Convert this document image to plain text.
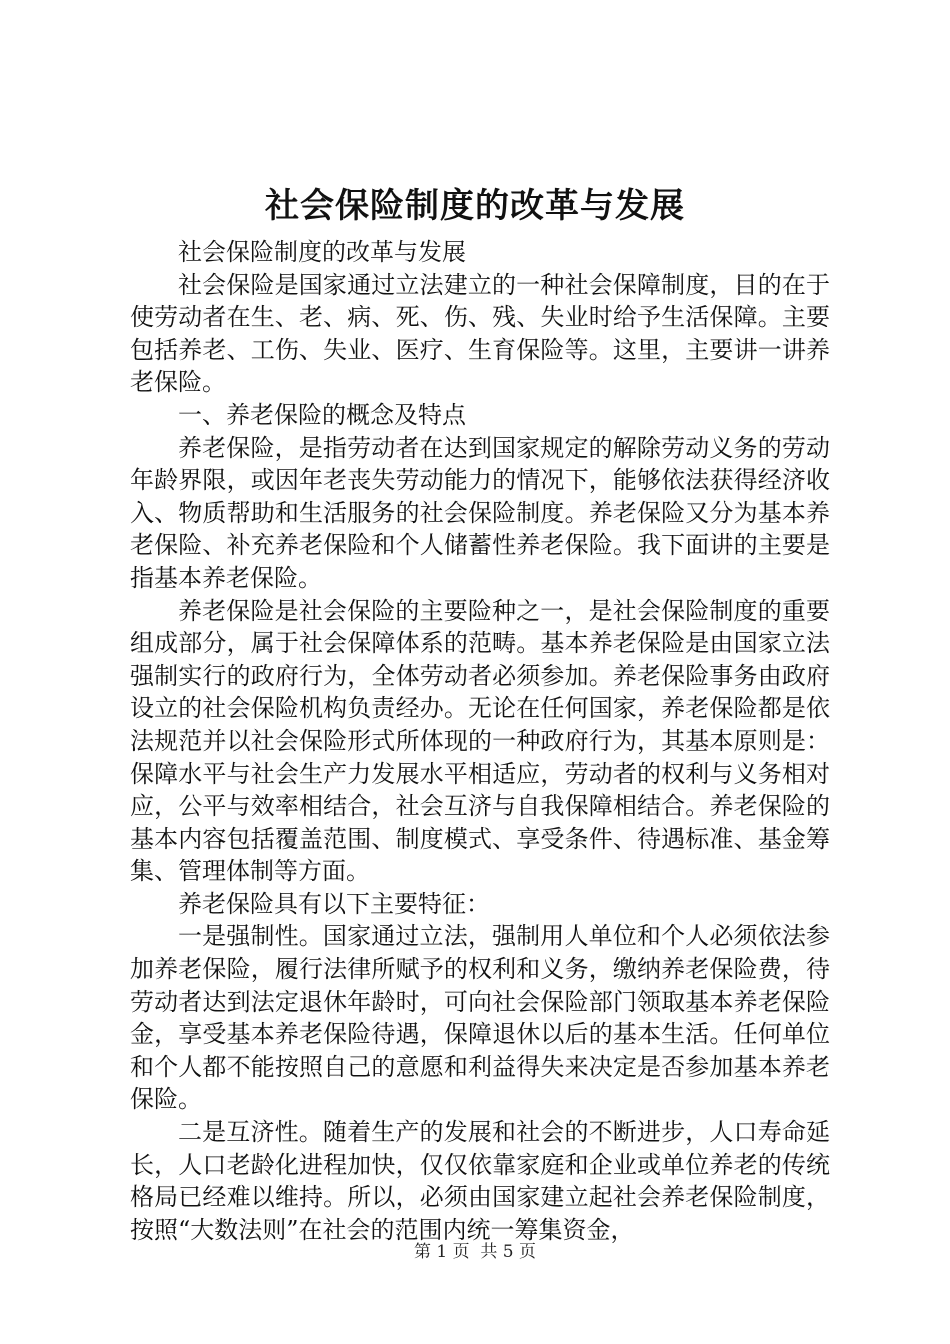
社会保险制度的改革与发展

社会保险制度的改革与发展

社会保险是国家通过立法建立的一种社会保障制度，目的在于使劳动者在生、老、病、死、伤、残、失业时给予生活保障。主要包括养老、工伤、失业、医疗、生育保险等。这里，主要讲一讲养老保险。

一、养老保险的概念及特点

养老保险，是指劳动者在达到国家规定的解除劳动义务的劳动年龄界限，或因年老丧失劳动能力的情况下，能够依法获得经济收入、物质帮助和生活服务的社会保险制度。养老保险又分为基本养老保险、补充养老保险和个人储蓄性养老保险。我下面讲的主要是指基本养老保险。

养老保险是社会保险的主要险种之一，是社会保险制度的重要组成部分，属于社会保障体系的范畴。基本养老保险是由国家立法强制实行的政府行为，全体劳动者必须参加。养老保险事务由政府设立的社会保险机构负责经办。无论在任何国家，养老保险都是依法规范并以社会保险形式所体现的一种政府行为，其基本原则是：保障水平与社会生产力发展水平相适应，劳动者的权利与义务相对应，公平与效率相结合，社会互济与自我保障相结合。养老保险的基本内容包括覆盖范围、制度模式、享受条件、待遇标准、基金筹集、管理体制等方面。

养老保险具有以下主要特征：

一是强制性。国家通过立法，强制用人单位和个人必须依法参加养老保险，履行法律所赋予的权利和义务，缴纳养老保险费，待劳动者达到法定退休年龄时，可向社会保险部门领取基本养老保险金，享受基本养老保险待遇，保障退休以后的基本生活。任何单位和个人都不能按照自己的意愿和利益得失来决定是否参加基本养老保险。

二是互济性。随着生产的发展和社会的不断进步，人口寿命延长，人口老龄化进程加快，仅仅依靠家庭和企业或单位养老的传统格局已经难以维持。所以，必须由国家建立起社会养老保险制度，按照“大数法则”在社会的范围内统一筹集资金，

第 1 页  共 5 页
